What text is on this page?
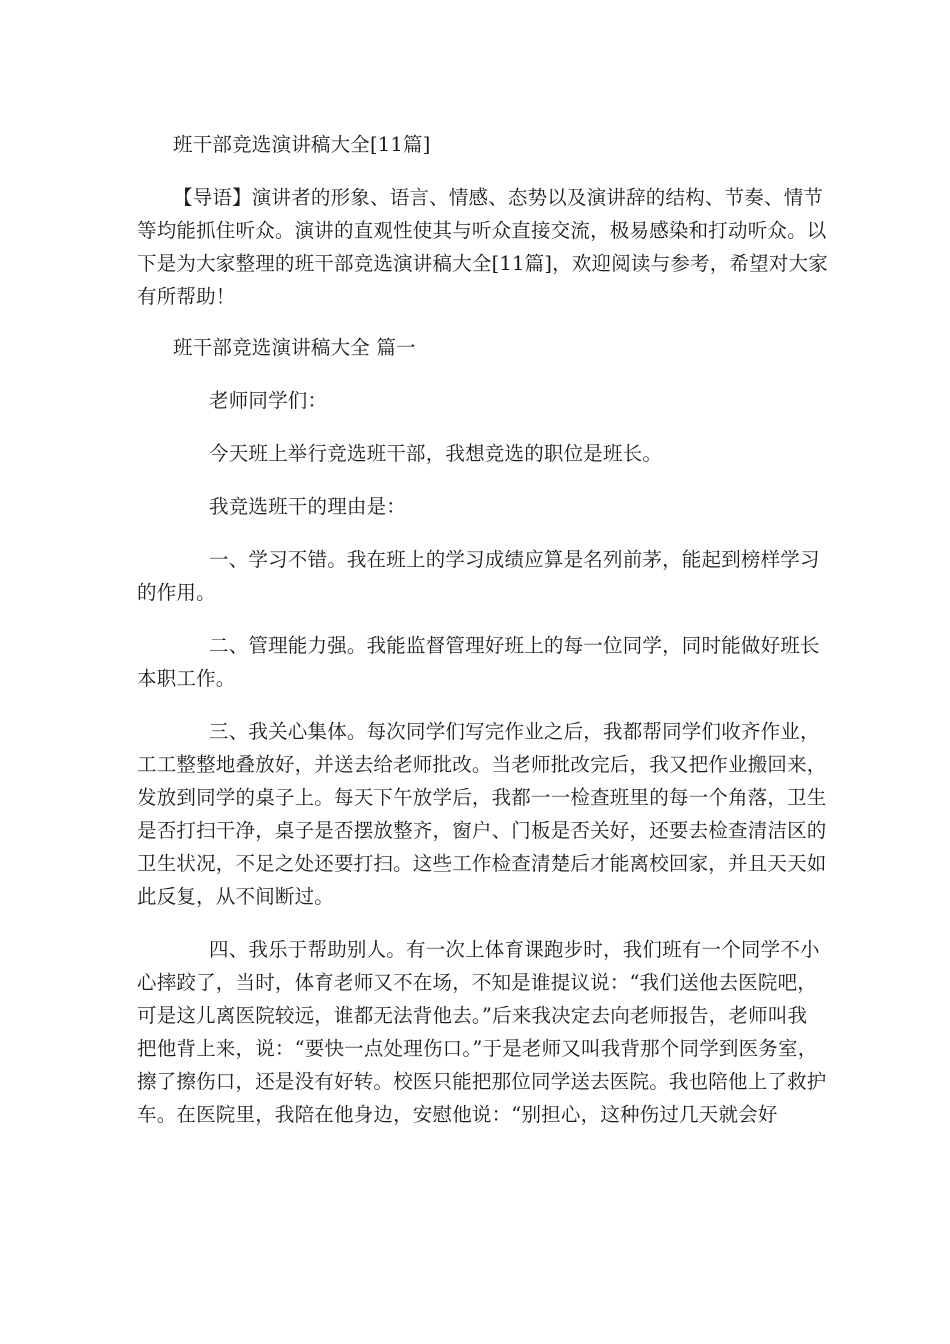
班干部竞选演讲稿大全[11篇]
【导语】演讲者的形象、语言、情感、态势以及演讲辞的结构、节奏、情节
等均能抓住听众。演讲的直观性使其与听众直接交流，极易感染和打动听众。以
下是为大家整理的班干部竞选演讲稿大全[11篇]，欢迎阅读与参考，希望对大家
有所帮助！
班干部竞选演讲稿大全 篇一
老师同学们：
今天班上举行竞选班干部，我想竞选的职位是班长。
我竞选班干的理由是：
一、学习不错。我在班上的学习成绩应算是名列前茅，能起到榜样学习
的作用。
二、管理能力强。我能监督管理好班上的每一位同学，同时能做好班长
本职工作。
三、我关心集体。每次同学们写完作业之后，我都帮同学们收齐作业，
工工整整地叠放好，并送去给老师批改。当老师批改完后，我又把作业搬回来，
发放到同学的桌子上。每天下午放学后，我都一一检查班里的每一个角落，卫生
是否打扫干净，桌子是否摆放整齐，窗户、门板是否关好，还要去检查清洁区的
卫生状况，不足之处还要打扫。这些工作检查清楚后才能离校回家，并且天天如
此反复，从不间断过。
四、我乐于帮助别人。有一次上体育课跑步时，我们班有一个同学不小
心摔跤了，当时，体育老师又不在场，不知是谁提议说：“我们送他去医院吧，
可是这儿离医院较远，谁都无法背他去。”后来我决定去向老师报告，老师叫我
把他背上来，说：“要快一点处理伤口。”于是老师又叫我背那个同学到医务室，
擦了擦伤口，还是没有好转。校医只能把那位同学送去医院。我也陪他上了救护
车。在医院里，我陪在他身边，安慰他说：“别担心，这种伤过几天就会好
